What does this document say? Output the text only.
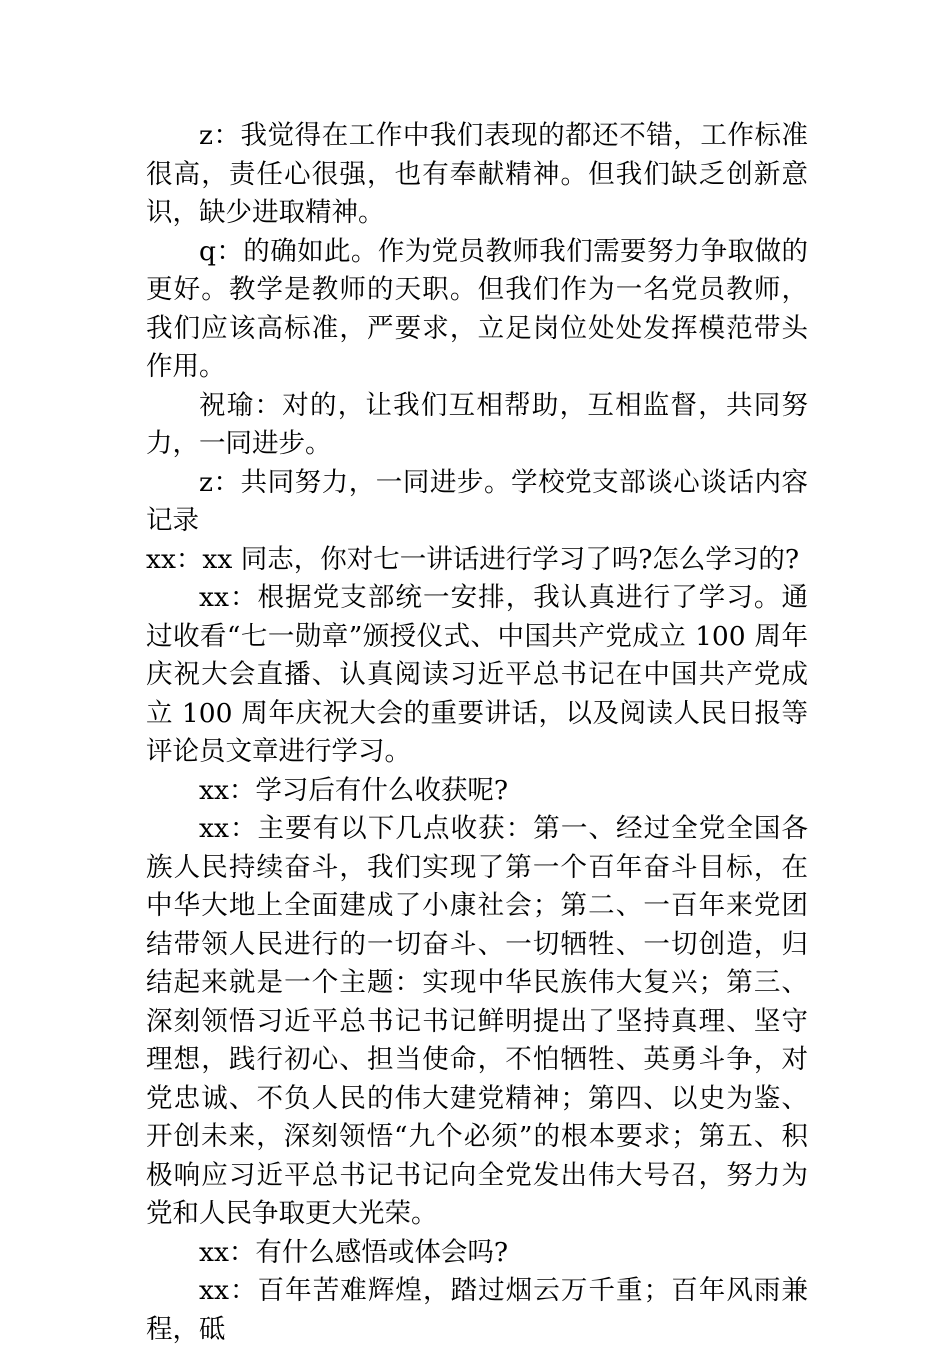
z：我觉得在工作中我们表现的都还不错，工作标准很高，责任心很强，也有奉献精神。但我们缺乏创新意识，缺少进取精神。

q：的确如此。作为党员教师我们需要努力争取做的更好。教学是教师的天职。但我们作为一名党员教师，我们应该高标准，严要求，立足岗位处处发挥模范带头作用。

祝瑜：对的，让我们互相帮助，互相监督，共同努力，一同进步。

z：共同努力，一同进步。学校党支部谈心谈话内容记录

xx：xx 同志，你对七一讲话进行学习了吗?怎么学习的?

xx：根据党支部统一安排，我认真进行了学习。通过收看“七一勋章”颁授仪式、中国共产党成立 100 周年庆祝大会直播、认真阅读习近平总书记在中国共产党成立 100 周年庆祝大会的重要讲话，以及阅读人民日报等评论员文章进行学习。

xx：学习后有什么收获呢?

xx：主要有以下几点收获：第一、经过全党全国各族人民持续奋斗，我们实现了第一个百年奋斗目标，在中华大地上全面建成了小康社会；第二、一百年来党团结带领人民进行的一切奋斗、一切牺牲、一切创造，归结起来就是一个主题：实现中华民族伟大复兴；第三、深刻领悟习近平总书记书记鲜明提出了坚持真理、坚守理想，践行初心、担当使命，不怕牺牲、英勇斗争，对党忠诚、不负人民的伟大建党精神；第四、以史为鉴、开创未来，深刻领悟“九个必须”的根本要求；第五、积极响应习近平总书记书记向全党发出伟大号召，努力为党和人民争取更大光荣。

xx：有什么感悟或体会吗?

xx：百年苦难辉煌，踏过烟云万千重；百年风雨兼程，砥
